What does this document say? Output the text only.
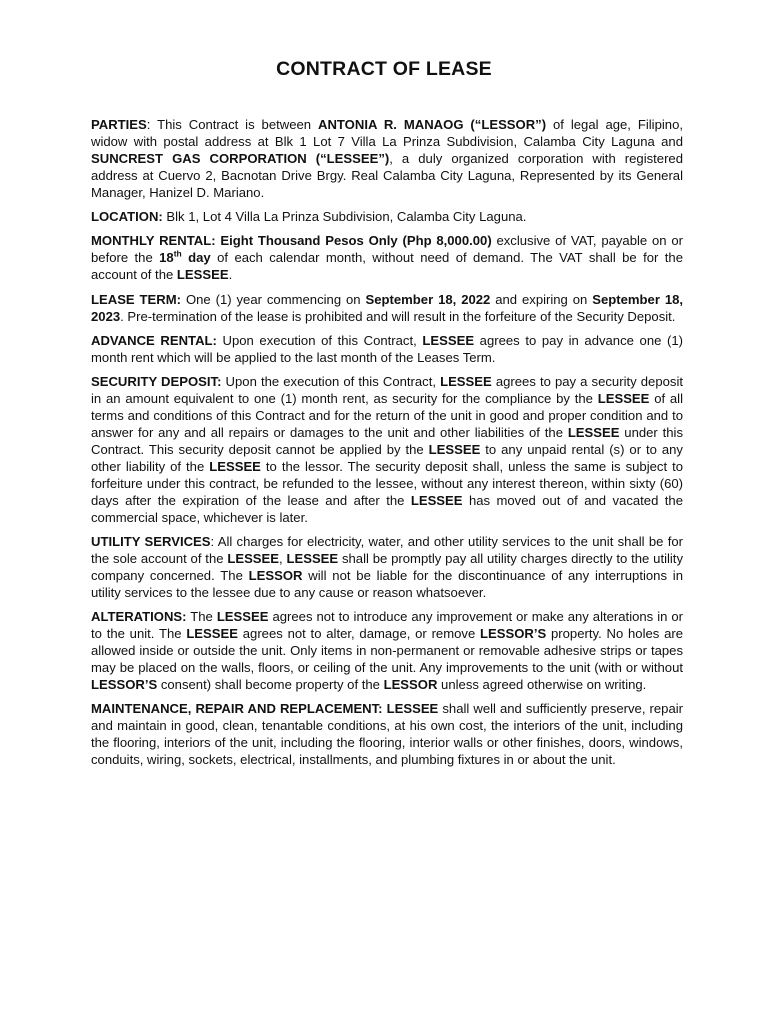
CONTRACT OF LEASE

PARTIES: This Contract is between ANTONIA R. MANAOG (“LESSOR”) of legal age, Filipino, widow with postal address at Blk 1 Lot 7 Villa La Prinza Subdivision, Calamba City Laguna and SUNCREST GAS CORPORATION (“LESSEE”), a duly organized corporation with registered address at Cuervo 2, Bacnotan Drive Brgy. Real Calamba City Laguna, Represented by its General Manager, Hanizel D. Mariano.

LOCATION: Blk 1, Lot 4 Villa La Prinza Subdivision, Calamba City Laguna.

MONTHLY RENTAL: Eight Thousand Pesos Only (Php 8,000.00) exclusive of VAT, payable on or before the 18th day of each calendar month, without need of demand. The VAT shall be for the account of the LESSEE.

LEASE TERM: One (1) year commencing on September 18, 2022 and expiring on September 18, 2023. Pre-termination of the lease is prohibited and will result in the forfeiture of the Security Deposit.

ADVANCE RENTAL: Upon execution of this Contract, LESSEE agrees to pay in advance one (1) month rent which will be applied to the last month of the Leases Term.

SECURITY DEPOSIT: Upon the execution of this Contract, LESSEE agrees to pay a security deposit in an amount equivalent to one (1) month rent, as security for the compliance by the LESSEE of all terms and conditions of this Contract and for the return of the unit in good and proper condition and to answer for any and all repairs or damages to the unit and other liabilities of the LESSEE under this Contract. This security deposit cannot be applied by the LESSEE to any unpaid rental (s) or to any other liability of the LESSEE to the lessor. The security deposit shall, unless the same is subject to forfeiture under this contract, be refunded to the lessee, without any interest thereon, within sixty (60) days after the expiration of the lease and after the LESSEE has moved out of and vacated the commercial space, whichever is later.

UTILITY SERVICES: All charges for electricity, water, and other utility services to the unit shall be for the sole account of the LESSEE, LESSEE shall be promptly pay all utility charges directly to the utility company concerned. The LESSOR will not be liable for the discontinuance of any interruptions in utility services to the lessee due to any cause or reason whatsoever.

ALTERATIONS: The LESSEE agrees not to introduce any improvement or make any alterations in or to the unit. The LESSEE agrees not to alter, damage, or remove LESSOR’S property. No holes are allowed inside or outside the unit. Only items in non-permanent or removable adhesive strips or tapes may be placed on the walls, floors, or ceiling of the unit. Any improvements to the unit (with or without LESSOR’S consent) shall become property of the LESSOR unless agreed otherwise on writing.

MAINTENANCE, REPAIR AND REPLACEMENT: LESSEE shall well and sufficiently preserve, repair and maintain in good, clean, tenantable conditions, at his own cost, the interiors of the unit, including the flooring, interiors of the unit, including the flooring, interior walls or other finishes, doors, windows, conduits, wiring, sockets, electrical, installments, and plumbing fixtures in or about the unit.
